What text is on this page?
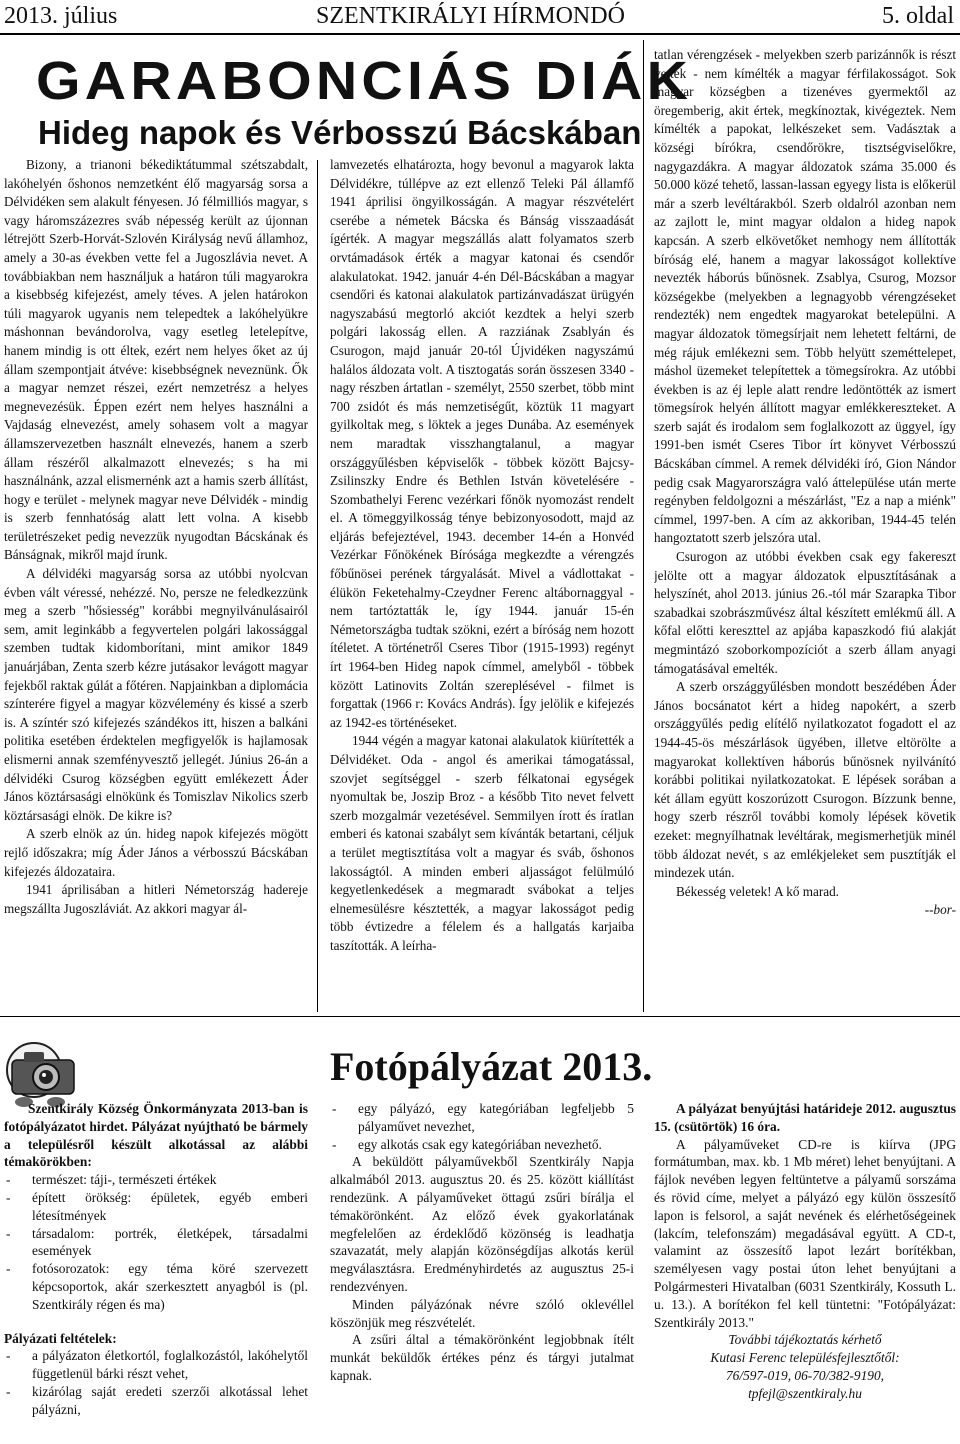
2013. július	SZENTKIRÁLYI HÍRMONDÓ	5. oldal
GARABONCIÁS DIÁK
Hideg napok és Vérbosszú Bácskában

Bizony, a trianoni békediktátummal szétszabdalt, lakóhelyén őshonos nemzetként élő magyarság sorsa a Délvidéken sem alakult fényesen. Jó félmilliós magyar, s vagy háromszázezres sváb népesség került az újonnan létrejött Szerb-Horvát-Szlovén Királyság nevű államhoz, amely a 30-as években vette fel a Jugoszlávia nevet. A továbbiakban nem használjuk a határon túli magyarokra a kisebbség kifejezést, amely téves. A jelen határokon túli magyarok ugyanis nem telepedtek a lakóhelyükre máshonnan bevándorolva, vagy esetleg letelepítve, hanem mindig is ott éltek, ezért nem helyes őket az új állam szempontjait átvéve: kisebbségnek neveznünk. Ők a magyar nemzet részei, ezért nemzetrész a helyes megnevezésük. Éppen ezért nem helyes használni a Vajdaság elnevezést, amely sohasem volt a magyar államszervezetben használt elnevezés, hanem a szerb állam részéről alkalmazott elnevezés; s ha mi használnánk, azzal elismernénk azt a hamis szerb állítást, hogy e terület - melynek magyar neve Délvidék - mindig is szerb fennhatóság alatt lett volna. A kisebb területrészeket pedig nevezzük nyugodtan Bácskának és Bánságnak, mikről majd írunk.

A délvidéki magyarság sorsa az utóbbi nyolcvan évben vált véressé, nehézzé. No, persze ne feledkezzünk meg a szerb "hősiesség" korábbi megnyilvánulásairól sem, amit leginkább a fegyvertelen polgári lakossággal szemben tudtak kidomborítani, mint amikor 1849 januárjában, Zenta szerb kézre jutásakor levágott magyar fejekből raktak gúlát a főtéren. Napjainkban a diplomácia színterére figyel a magyar közvélemény és kissé a szerb is. A színtér szó kifejezés szándékos itt, hiszen a balkáni politika esetében érdektelen megfigyelők is hajlamosak elismerni annak szemfényvesztő jellegét. Június 26-án a délvidéki Csurog községben együtt emlékezett Áder János köztársasági elnökünk és Tomiszlav Nikolics szerb köztársasági elnök. De kikre is?

A szerb elnök az ún. hideg napok kifejezés mögött rejlő időszakra; míg Áder János a vérbosszú Bácskában kifejezés áldozataira.

1941 áprilisában a hitleri Németország hadereje megszállta Jugoszláviát. Az akkori magyar ál-

lamvezetés elhatározta, hogy bevonul a magyarok lakta Délvidékre, túllépve az ezt ellenző Teleki Pál államfő 1941 áprilisi öngyilkosságán. A magyar részvételért cserébe a németek Bácska és Bánság visszaadását ígérték. A magyar megszállás alatt folyamatos szerb orvtámadások érték a magyar katonai és csendőr alakulatokat. 1942. január 4-én Dél-Bácskában a magyar csendőri és katonai alakulatok partizánvadászat ürügyén nagyszabású megtorló akciót kezdtek a helyi szerb polgári lakosság ellen. A razziának Zsablyán és Csurogon, majd január 20-tól Újvidéken nagyszámú halálos áldozata volt. A tisztogatás során összesen 3340 - nagy részben ártatlan - személyt, 2550 szerbet, több mint 700 zsidót és más nemzetiségűt, köztük 11 magyart gyilkoltak meg, s löktek a jeges Dunába. Az események nem maradtak visszhangtalanul, a magyar országgyűlésben képviselők - többek között Bajcsy-Zsilinszky Endre és Bethlen István követelésére - Szombathelyi Ferenc vezérkari főnök nyomozást rendelt el. A tömeggyilkosság ténye bebizonyosodott, majd az eljárás befejeztével, 1943. december 14-én a Honvéd Vezérkar Főnökének Bírósága megkezdte a vérengzés főbűnösei perének tárgyalását. Mivel a vádlottakat - élükön Feketehalmy-Czeydner Ferenc altábornaggyal - nem tartóztatták le, így 1944. január 15-én Németországba tudtak szökni, ezért a bíróság nem hozott ítéletet. A történetről Cseres Tibor (1915-1993) regényt írt 1964-ben Hideg napok címmel, amelyből - többek között Latinovits Zoltán szereplésével - filmet is forgattak (1966 r: Kovács András). Így jelölik e kifejezés az 1942-es történéseket.

1944 végén a magyar katonai alakulatok kiürítették a Délvidéket. Oda - angol és amerikai támogatással, szovjet segítséggel - szerb félkatonai egységek nyomultak be, Joszip Broz - a később Tito nevet felvett szerb mozgalmár vezetésével. Semmilyen írott és íratlan emberi és katonai szabályt sem kívánták betartani, céljuk a terület megtisztítása volt a magyar és sváb, őshonos lakosságtól. A minden emberi aljasságot felülmúló kegyetlenkedések a megmaradt svábokat a teljes elnemesülésre késztették, a magyar lakosságot pedig több évtizedre a félelem és a hallgatás karjaiba taszították. A leírha-

tatlan vérengzések - melyekben szerb parizánnők is részt vettek - nem kímélték a magyar férfilakosságot. Sok magyar községben a tizenéves gyermektől az öregemberig, akit értek, megkínoztak, kivégeztek. Nem kímélték a papokat, lelkészeket sem. Vadásztak a községi bírókra, csendőrökre, tisztségviselőkre, nagygazdákra. A magyar áldozatok száma 35.000 és 50.000 közé tehető, lassan-lassan egyegy lista is előkerül már a szerb levéltárakból. Szerb oldalról azonban nem az zajlott le, mint magyar oldalon a hideg napok kapcsán. A szerb elkövetőket nemhogy nem állították bíróság elé, hanem a magyar lakosságot kollektíve nevezték háborús bűnösnek. Zsablya, Csurog, Mozsor községekbe (melyekben a legnagyobb vérengzéseket rendezték) nem engedtek magyarokat betelepülni. A magyar áldozatok tömegsírjait nem lehetett feltárni, de még rájuk emlékezni sem. Több helyütt szeméttelepet, máshol üzemeket telepítettek a tömegsírokra. Az utóbbi években is az éj leple alatt rendre ledöntötték az ismert tömegsírok helyén állított magyar emlékkereszteket. A szerb saját és irodalom sem foglalkozott az üggyel, így 1991-ben ismét Cseres Tibor írt könyvet Vérbosszú Bácskában címmel. A remek délvidéki író, Gion Nándor pedig csak Magyarországra való áttelepülése után merte regényben feldolgozni a mészárlást, "Ez a nap a miénk" címmel, 1997-ben. A cím az akkoriban, 1944-45 telén hangoztatott szerb jelszóra utal.

Csurogon az utóbbi években csak egy fakereszt jelölte ott a magyar áldozatok elpusztításának a helyszínét, ahol 2013. június 26.-tól már Szarapka Tibor szabadkai szobrászművész által készített emlékmű áll. A kőfal előtti kereszttel az apjába kapaszkodó fiú alakját megmintázó szoborkompozíciót a szerb állam anyagi támogatásával emelték.

A szerb országgyűlésben mondott beszédében Áder János bocsánatot kért a hideg napokért, a szerb országgyűlés pedig elítélő nyilatkozatot fogadott el az 1944-45-ös mészárlások ügyében, illetve eltörölte a magyarokat kollektíven háborús bűnösnek nyilvánító korábbi politikai nyilatkozatokat. E lépések sorában a két állam együtt koszorúzott Csurogon. Bízzunk benne, hogy szerb részről további komoly lépések követik ezeket: megnyílhatnak levéltárak, megismerhetjük minél több áldozat nevét, s az emlékjeleket sem pusztítják el mindezek után.

Békesség veletek! A kő marad.

--bor-

Fotópályázat 2013.

Szentkirály Község Önkormányzata 2013-ban is fotópályázatot hirdet. Pályázat nyújtható be bármely a településről készült alkotással az alábbi témakörökben:

- természet: táji-, természeti értékek
- épített örökség: épületek, egyéb emberi létesítmények
- társadalom: portrék, életképek, társadalmi események
- fotósorozatok: egy téma köré szervezett képcsoportok, akár szerkesztett anyagból is (pl. Szentkirály régen és ma)

Pályázati feltételek:

- a pályázaton életkortól, foglalkozástól, lakóhelytől függetlenül bárki részt vehet,
- kizárólag saját eredeti szerzői alkotással lehet pályázni,
- egy pályázó, egy kategóriában legfeljebb 5 pályaművet nevezhet,
- egy alkotás csak egy kategóriában nevezhető.

A beküldött pályaművekből Szentkirály Napja alkalmából 2013. augusztus 20. és 25. között kiállítást rendezünk. A pályaműveket öttagú zsűri bírálja el témakörönként. Az előző évek gyakorlatának megfelelően az érdeklődő közönség is leadhatja szavazatát, mely alapján közönségdíjas alkotás kerül megválasztásra. Eredményhirdetés az augusztus 25-i rendezvényen.

Minden pályázónak névre szóló oklevéllel köszönjük meg részvételét.

A zsűri által a témakörönként legjobbnak ítélt munkát beküldők értékes pénz és tárgyi jutalmat kapnak.

A pályázat benyújtási határideje 2012. augusztus 15. (csütörtök) 16 óra.

A pályaműveket CD-re is kiírva (JPG formátumban, max. kb. 1 Mb méret) lehet benyújtani. A fájlok nevében legyen feltüntetve a pályamű sorszáma és rövid címe, melyet a pályázó egy külön összesítő lapon is felsorol, a saját nevének és elérhetőségeinek (lakcím, telefonszám) megadásával együtt. A CD-t, valamint az összesítő lapot lezárt borítékban, személyesen vagy postai úton lehet benyújtani a Polgármesteri Hivatalban (6031 Szentkirály, Kossuth L. u. 13.). A borítékon fel kell tüntetni: "Fotópályázat: Szentkirály 2013."

További tájékoztatás kérhető
Kutasi Ferenc településfejlesztőtől:
76/597-019, 06-70/382-9190,
tpfejl@szentkiraly.hu
